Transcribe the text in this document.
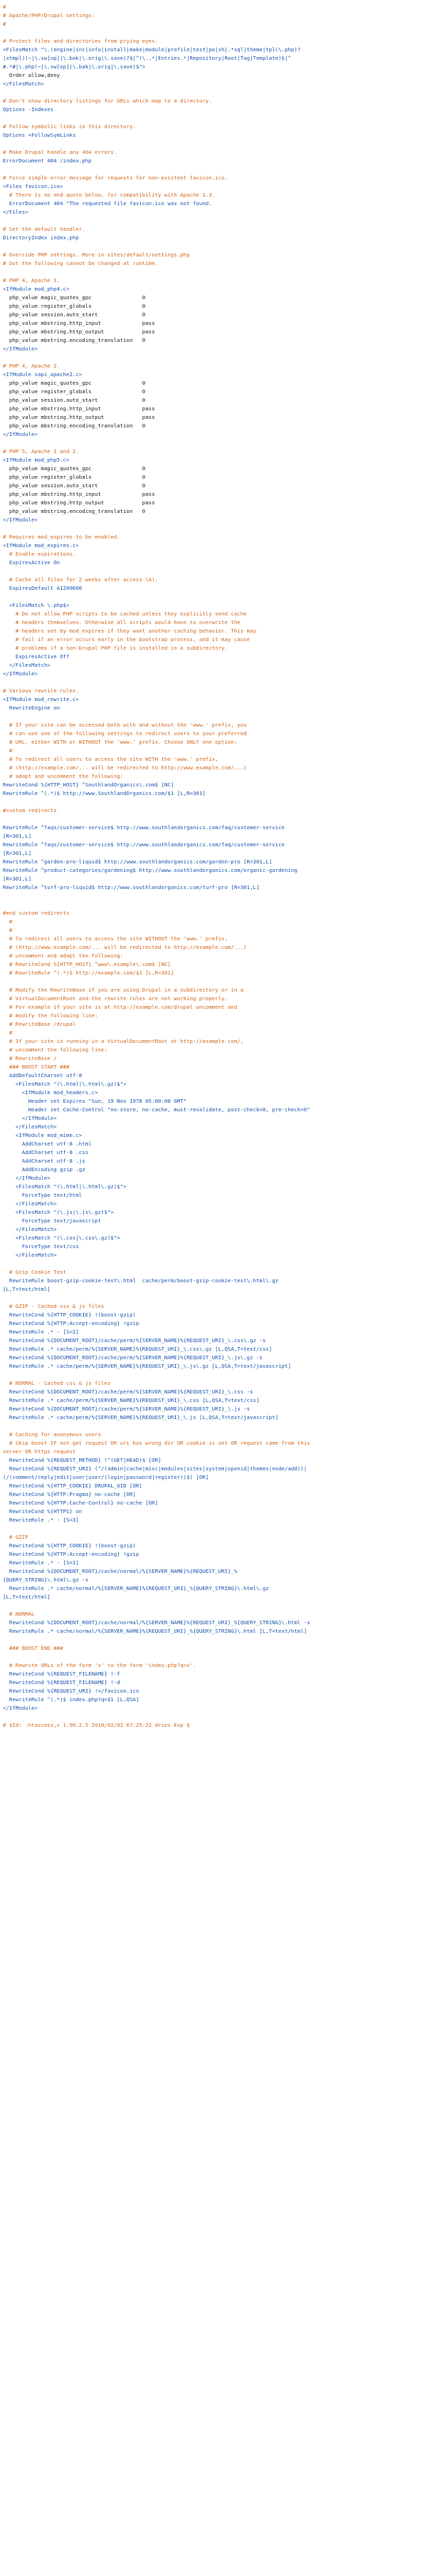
#
# Apache/PHP/Drupal settings:
#

# Protect files and directories from prying eyes.
<FilesMatch "\.(engine|inc|info|install|make|module|profile|test|po|sh|.*sql|theme|tpl(\.php)?
|xtmpl)(~|\.sw[op]|\.bak|\.orig|\.save)?$|^(\..*|Entries.*|Repository|Root|Tag|Template)$|^
#.*#|\.php(~|\.sw[op]|\.bak|\.orig|\.save)$">
Order allow,deny
</FilesMatch>

# Don't show directory listings for URLs which map to a directory.
Options -Indexes

# Follow symbolic links in this directory.
Options +FollowSymLinks

# Make Drupal handle any 404 errors.
ErrorDocument 404 /index.php

# Force simple error message for requests for non-existent favicon.ico.
<Files favicon.ico>
# There is no end quote below, for compatibility with Apache 1.3.
ErrorDocument 404 "The requested file favicon.ico was not found.
</Files>

# Set the default handler.
DirectoryIndex index.php

# Override PHP settings. More in sites/default/settings.php
# but the following cannot be changed at runtime.

# PHP 4, Apache 1.
<IfModule mod_php4.c>
php_value magic_quotes_gpc                0
php_value register_globals                0
php_value session.auto_start              0
php_value mbstring.http_input             pass
php_value mbstring.http_output            pass
php_value mbstring.encoding_translation   0
</IfModule>

# PHP 4, Apache 2.
<IfModule sapi_apache2.c>
php_value magic_quotes_gpc                0
php_value register_globals                0
php_value session.auto_start              0
php_value mbstring.http_input             pass
php_value mbstring.http_output            pass
php_value mbstring.encoding_translation   0
</IfModule>

# PHP 5, Apache 1 and 2.
<IfModule mod_php5.c>
php_value magic_quotes_gpc                0
php_value register_globals                0
php_value session.auto_start              0
php_value mbstring.http_input             pass
php_value mbstring.http_output            pass
php_value mbstring.encoding_translation   0
</IfModule>

# Requires mod_expires to be enabled.
<IfModule mod_expires.c>
# Enable expirations.
ExpiresActive On

# Cache all files for 2 weeks after access (A).
ExpiresDefault A1209600

<FilesMatch \.php$>
# Do not allow PHP scripts to be cached unless they explicitly send cache
# headers themselves. Otherwise all scripts would have to overwrite the
# headers set by mod_expires if they want another caching behavior. This may
# fail if an error occurs early in the bootstrap process, and it may cause
# problems if a non-Drupal PHP file is installed in a subdirectory.
ExpiresActive Off
</FilesMatch>
</IfModule>

# Various rewrite rules.
<IfModule mod_rewrite.c>
RewriteEngine on

# If your site can be accessed both with and without the 'www.' prefix, you
# can use one of the following settings to redirect users to your preferred
# URL, either WITH or WITHOUT the 'www.' prefix. Choose ONLY one option:
#
# To redirect all users to access the site WITH the 'www.' prefix,
# (http://example.com/... will be redirected to http://www.example.com/...)
# adapt and uncomment the following:
RewriteCond %{HTTP_HOST} ^SouthlandOrganics\.com$ [NC]
RewriteRule ^(.*)$ http://www.SouthlandOrganics.com/$1 [L,R=301]

#custom redirects

RewriteRule ^faqs/customer-service$ http://www.southlandorganics.com/faq/customer-service
[R=301,L]
RewriteRule ^faqs/customer-service$ http://www.southlandorganics.com/faq/customer-service
[R=301,L]
RewriteRule ^garden-pro-liquid$ http://www.southlandorganics.com/garden-pro [R=301,L]
RewriteRule ^product-categories/gardening$ http://www.southlandorganics.com/organic-gardening
[R=301,L]
RewriteRule ^turf-pro-liquid$ http://www.southlandorganics.com/turf-pro [R=301,L]

#end custom redirects
#
#
# To redirect all users to access the site WITHOUT the 'www.' prefix,
# (http://www.example.com/... will be redirected to http://example.com/...)
# uncomment and adapt the following:
# RewriteCond %{HTTP_HOST} ^www\.example\.com$ [NC]
# RewriteRule ^(.*)$ http://example.com/$1 [L,R=301]

# Modify the RewriteBase if you are using Drupal in a subdirectory or in a
# VirtualDocumentRoot and the rewrite rules are not working properly.
# For example if your site is at http://example.com/drupal uncomment and
# modify the following line:
# RewriteBase /drupal
#
# If your site is running in a VirtualDocumentRoot at http://example.com/,
# uncomment the following line:
# RewriteBase /
### BOOST START ###
AddDefaultCharset utf-8
<FilesMatch "(\.html|\.html\.gz)$">
<IfModule mod_headers.c>
Header set Expires "Sun, 19 Nov 1978 05:00:00 GMT"
Header set Cache-Control "no-store, no-cache, must-revalidate, post-check=0, pre-check=0"
</IfModule>
</FilesMatch>
<IfModule mod_mime.c>
AddCharset utf-8 .html
AddCharset utf-8 .css
AddCharset utf-8 .js
AddEncoding gzip .gz
</IfModule>
<FilesMatch "(\.html|\.html\.gz)$">
ForceType text/html
</FilesMatch>
<FilesMatch "(\.js|\.js\.gz)$">
ForceType text/javascript
</FilesMatch>
<FilesMatch "(\.css|\.css\.gz)$">
ForceType text/css
</FilesMatch>

# Gzip Cookie Test
RewriteRule boost-gzip-cookie-test\.html  cache/perm/boost-gzip-cookie-test\.html\.gz
[L,T=text/html]

# GZIP - Cached css & js files
RewriteCond %{HTTP_COOKIE} !(boost-gzip)
RewriteCond %{HTTP:Accept-encoding} !gzip
RewriteRule .* - [S=2]
RewriteCond %{DOCUMENT_ROOT}/cache/perm/%{SERVER_NAME}%{REQUEST_URI}_\.css\.gz -s
RewriteRule .* cache/perm/%{SERVER_NAME}%{REQUEST_URI}_\.css\.gz [L,QSA,T=text/css]
RewriteCond %{DOCUMENT_ROOT}/cache/perm/%{SERVER_NAME}%{REQUEST_URI}_\.js\.gz -s
RewriteRule .* cache/perm/%{SERVER_NAME}%{REQUEST_URI}_\.js\.gz [L,QSA,T=text/javascript]

# NORMAL - Cached css & js files
RewriteCond %{DOCUMENT_ROOT}/cache/perm/%{SERVER_NAME}%{REQUEST_URI}_\.css -s
RewriteRule .* cache/perm/%{SERVER_NAME}%{REQUEST_URI}_\.css [L,QSA,T=text/css]
RewriteCond %{DOCUMENT_ROOT}/cache/perm/%{SERVER_NAME}%{REQUEST_URI}_\.js -s
RewriteRule .* cache/perm/%{SERVER_NAME}%{REQUEST_URI}_\.js [L,QSA,T=text/javascript]

# Caching for anonymous users
# Skip boost IF not get request OR uri has wrong dir OR cookie is set OR request came from this
server OR https request
RewriteCond %{REQUEST_METHOD} !^(GET|HEAD)$ [OR]
RewriteCond %{REQUEST_URI} (^/(admin|cache|misc|modules|sites|system|openid|themes|node/add))|
(/(comment/reply|edit|user|user/(login|password|register))$) [OR]
RewriteCond %{HTTP_COOKIE} DRUPAL_UID [OR]
RewriteCond %{HTTP:Pragma} no-cache [OR]
RewriteCond %{HTTP:Cache-Control} no-cache [OR]
RewriteCond %{HTTPS} on
RewriteRule .* - [S=3]

# GZIP
RewriteCond %{HTTP_COOKIE} !(boost-gzip)
RewriteCond %{HTTP:Accept-encoding} !gzip
RewriteRule .* - [S=1]
RewriteCond %{DOCUMENT_ROOT}/cache/normal/%{SERVER_NAME}%{REQUEST_URI}_%
{QUERY_STRING}\.html\.gz -s
RewriteRule .* cache/normal/%{SERVER_NAME}%{REQUEST_URI}_%{QUERY_STRING}\.html\.gz
[L,T=text/html]

# NORMAL
RewriteCond %{DOCUMENT_ROOT}/cache/normal/%{SERVER_NAME}%{REQUEST_URI}_%{QUERY_STRING}\.html -s
RewriteRule .* cache/normal/%{SERVER_NAME}%{REQUEST_URI}_%{QUERY_STRING}\.html [L,T=text/html]

### BOOST END ###

# Rewrite URLs of the form 'x' to the form 'index.php?q=x'.
RewriteCond %{REQUEST_FILENAME} !-f
RewriteCond %{REQUEST_FILENAME} !-d
RewriteCond %{REQUEST_URI} !=/favicon.ico
RewriteRule ^(.*)$ index.php?q=$1 [L,QSA]
</IfModule>

# $Id: .htaccess,v 1.90.2.5 2010/02/02 07:25:22 dries Exp $
